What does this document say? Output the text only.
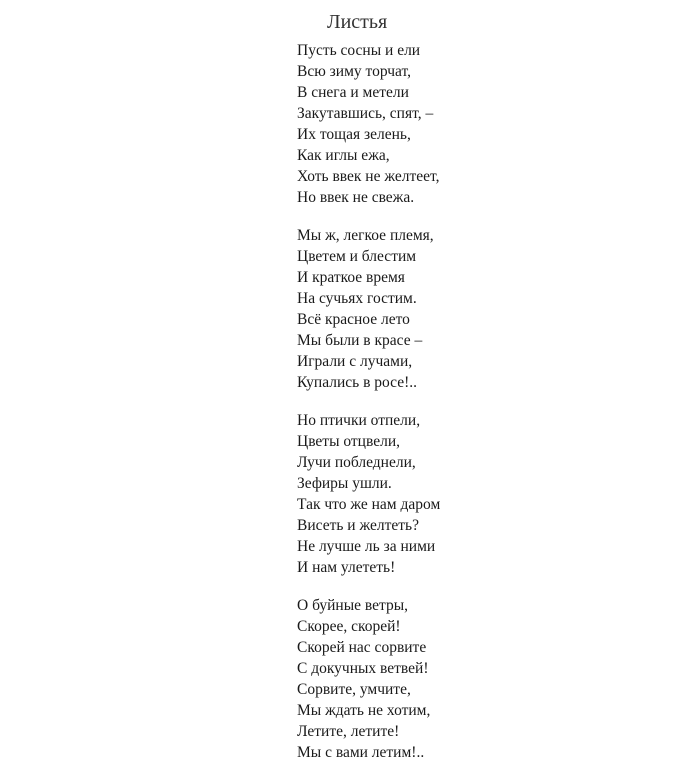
Листья
Пусть сосны и ели
Всю зиму торчат,
В снега и метели
Закутавшись, спят, –
Их тощая зелень,
Как иглы ежа,
Хоть ввек не желтеет,
Но ввек не свежа.
Мы ж, легкое племя,
Цветем и блестим
И краткое время
На сучьях гостим.
Всё красное лето
Мы были в красе –
Играли с лучами,
Купались в росе!..
Но птички отпели,
Цветы отцвели,
Лучи побледнели,
Зефиры ушли.
Так что же нам даром
Висеть и желтеть?
Не лучше ль за ними
И нам улететь!
О буйные ветры,
Скорее, скорей!
Скорей нас сорвите
С докучных ветвей!
Сорвите, умчите,
Мы ждать не хотим,
Летите, летите!
Мы с вами летим!..
